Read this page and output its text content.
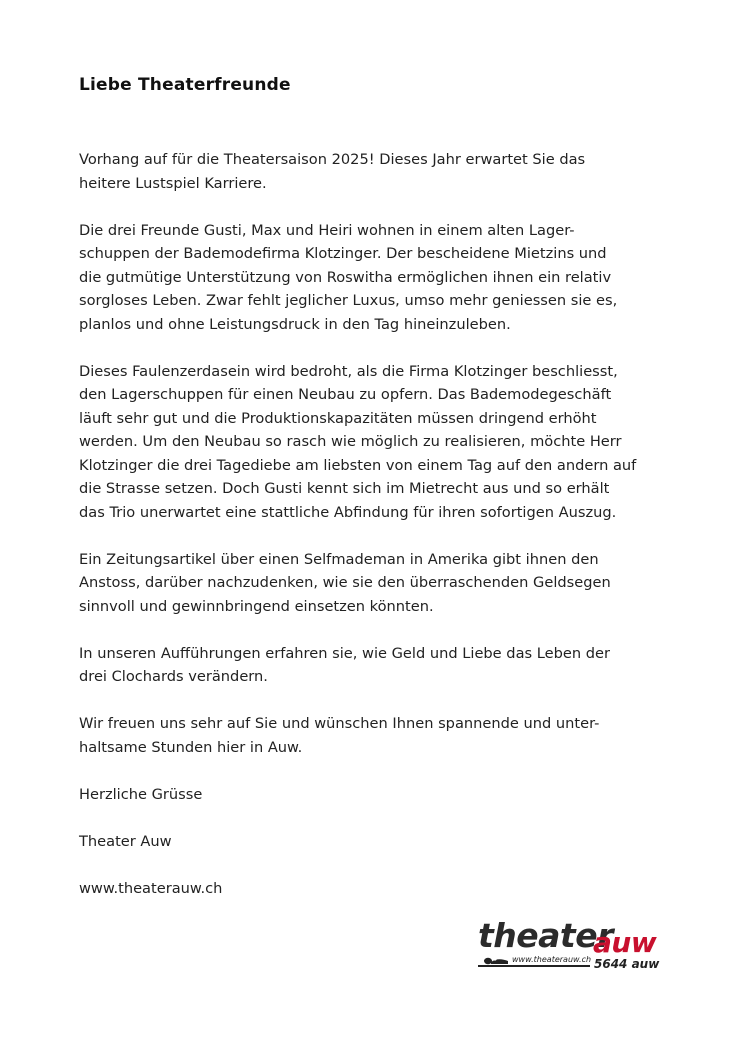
Liebe Theaterfreunde

Vorhang auf für die Theatersaison 2025! Dieses Jahr erwartet Sie das
heitere Lustspiel Karriere.

Die drei Freunde Gusti, Max und Heiri wohnen in einem alten Lager-
schuppen der Bademodefirma Klotzinger. Der bescheidene Mietzins und
die gutmütige Unterstützung von Roswitha ermöglichen ihnen ein relativ
sorgloses Leben. Zwar fehlt jeglicher Luxus, umso mehr geniessen sie es,
planlos und ohne Leistungsdruck in den Tag hineinzuleben.

Dieses Faulenzerdasein wird bedroht, als die Firma Klotzinger beschliesst,
den Lagerschuppen für einen Neubau zu opfern. Das Bademodegeschäft
läuft sehr gut und die Produktionskapazitäten müssen dringend erhöht
werden. Um den Neubau so rasch wie möglich zu realisieren, möchte Herr
Klotzinger die drei Tagediebe am liebsten von einem Tag auf den andern auf
die Strasse setzen. Doch Gusti kennt sich im Mietrecht aus und so erhält
das Trio unerwartet eine stattliche Abfindung für ihren sofortigen Auszug.

Ein Zeitungsartikel über einen Selfmademan in Amerika gibt ihnen den
Anstoss, darüber nachzudenken, wie sie den überraschenden Geldsegen
sinnvoll und gewinnbringend einsetzen könnten.

In unseren Aufführungen erfahren sie, wie Geld und Liebe das Leben der
drei Clochards verändern.

Wir freuen uns sehr auf Sie und wünschen Ihnen spannende und unter-
haltsame Stunden hier in Auw.

Herzliche Grüsse

Theater Auw

www.theaterauw.ch

theater
auw
www.theaterauw.ch 5644 auw
